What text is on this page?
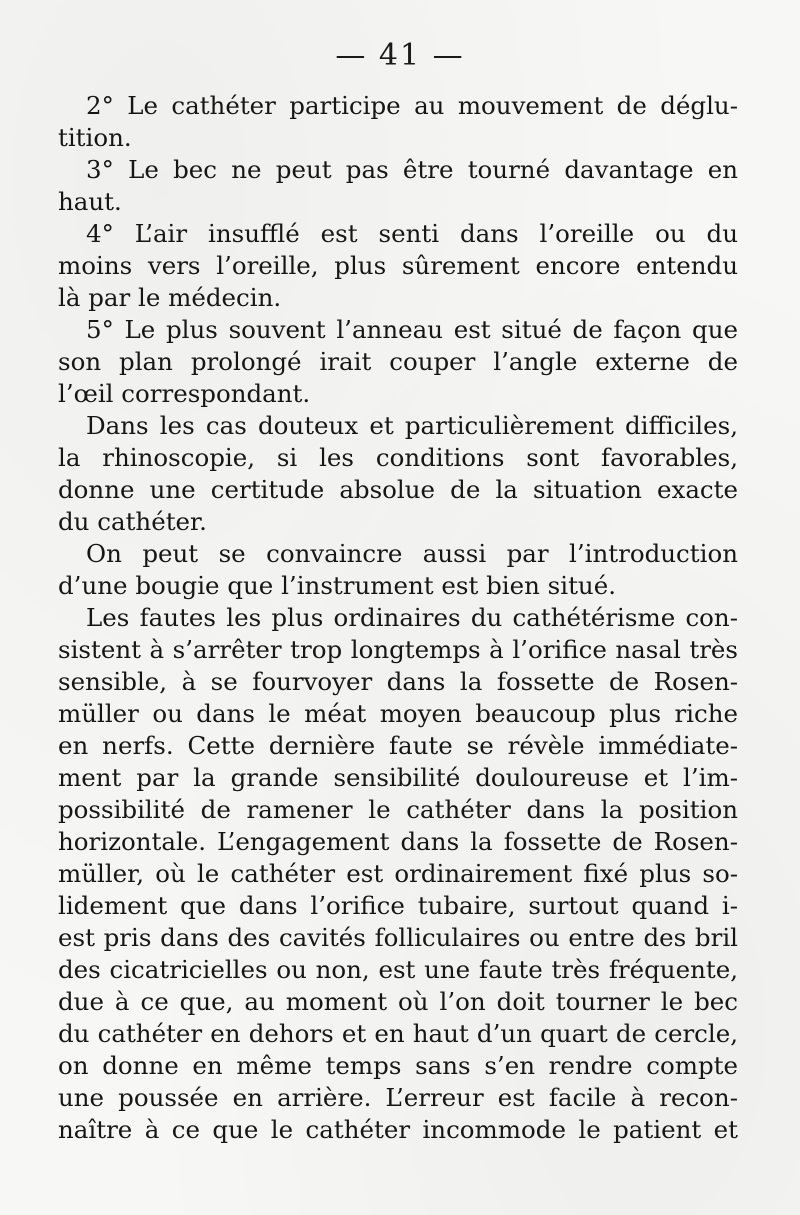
— 41 —
2° Le cathéter participe au mouvement de déglu-
tition.
3° Le bec ne peut pas être tourné davantage en
haut.
4° L’air insufflé est senti dans l’oreille ou du
moins vers l’oreille, plus sûrement encore entendu
là par le médecin.
5° Le plus souvent l’anneau est situé de façon que
son plan prolongé irait couper l’angle externe de
l’œil correspondant.
Dans les cas douteux et particulièrement difficiles,
la rhinoscopie, si les conditions sont favorables,
donne une certitude absolue de la situation exacte
du cathéter.
On peut se convaincre aussi par l’introduction
d’une bougie que l’instrument est bien situé.
Les fautes les plus ordinaires du cathétérisme con-
sistent à s’arrêter trop longtemps à l’orifice nasal très
sensible, à se fourvoyer dans la fossette de Rosen-
müller ou dans le méat moyen beaucoup plus riche
en nerfs. Cette dernière faute se révèle immédiate-
ment par la grande sensibilité douloureuse et l’im-
possibilité de ramener le cathéter dans la position
horizontale. L’engagement dans la fossette de Rosen-
müller, où le cathéter est ordinairement fixé plus so-
lidement que dans l’orifice tubaire, surtout quand i-
est pris dans des cavités folliculaires ou entre des bril
des cicatricielles ou non, est une faute très fréquente,
due à ce que, au moment où l’on doit tourner le bec
du cathéter en dehors et en haut d’un quart de cercle,
on donne en même temps sans s’en rendre compte
une poussée en arrière. L’erreur est facile à recon-
naître à ce que le cathéter incommode le patient et
